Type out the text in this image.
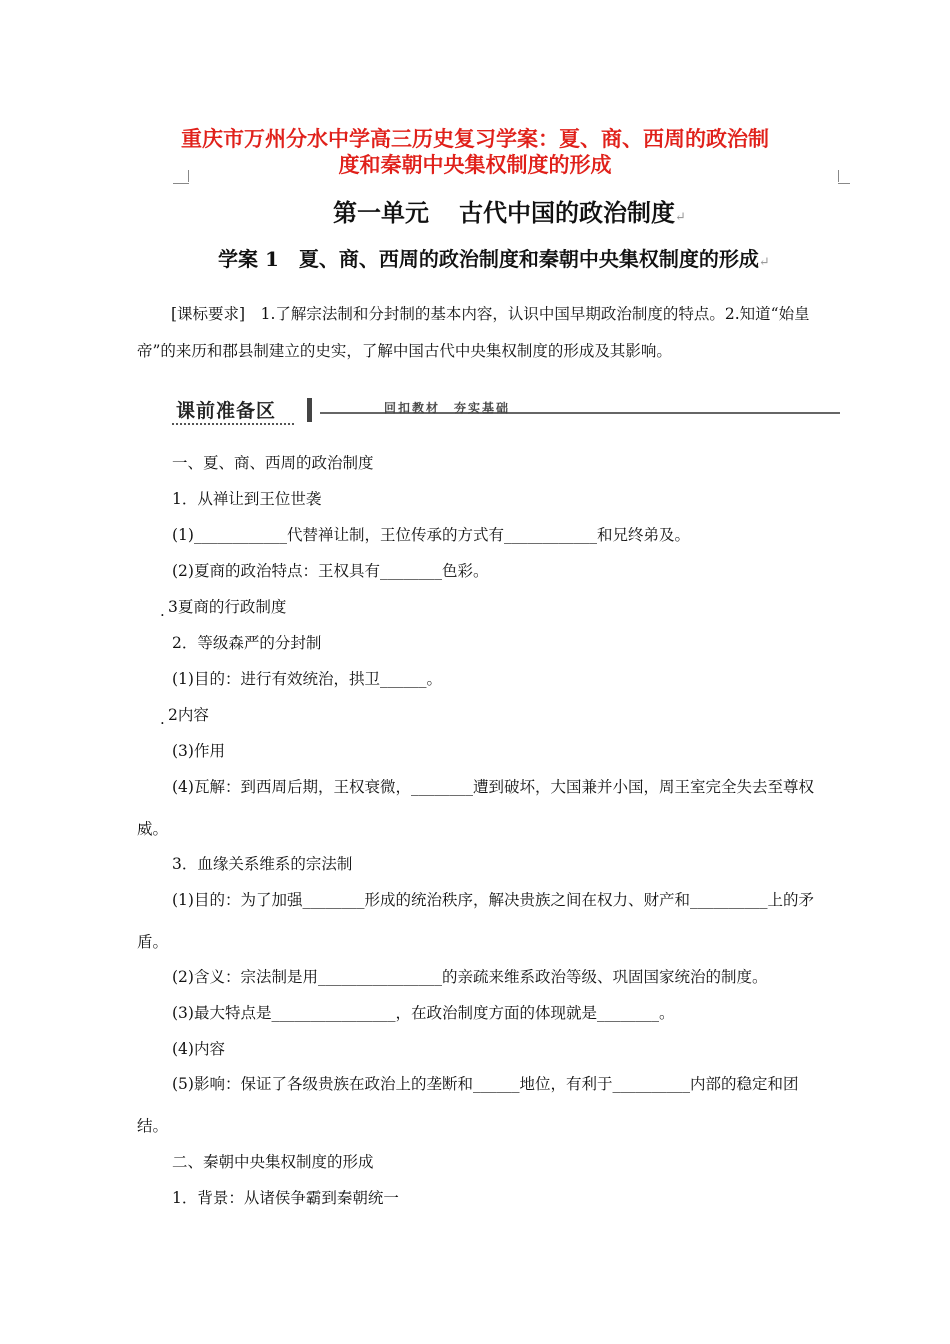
重庆市万州分水中学高三历史复习学案：夏、商、西周的政治制
度和秦朝中央集权制度的形成
第一单元 古代中国的政治制度↵
学案 1　夏、商、西周的政治制度和秦朝中央集权制度的形成↵
[课标要求]　1.了解宗法制和分封制的基本内容，认识中国早期政治制度的特点。2.知道“始皇帝”的来历和郡县制建立的史实，了解中国古代中央集权制度的形成及其影响。
课前准备区	回扣教材　夯实基础
一、夏、商、西周的政治制度
1．从禅让到王位世袭
(1)____________代替禅让制，王位传承的方式有____________和兄终弟及。
(2)夏商的政治特点：王权具有________色彩。
. 3夏商的行政制度
2．等级森严的分封制
(1)目的：进行有效统治，拱卫______。
. 2内容
(3)作用
(4)瓦解：到西周后期，王权衰微，________遭到破坏，大国兼并小国，周王室完全失去至尊权威。
3．血缘关系维系的宗法制
(1)目的：为了加强________形成的统治秩序，解决贵族之间在权力、财产和__________上的矛盾。
(2)含义：宗法制是用________________的亲疏来维系政治等级、巩固国家统治的制度。
(3)最大特点是________________，在政治制度方面的体现就是________。
(4)内容
(5)影响：保证了各级贵族在政治上的垄断和______地位，有利于__________内部的稳定和团结。
二、秦朝中央集权制度的形成
1．背景：从诸侯争霸到秦朝统一
